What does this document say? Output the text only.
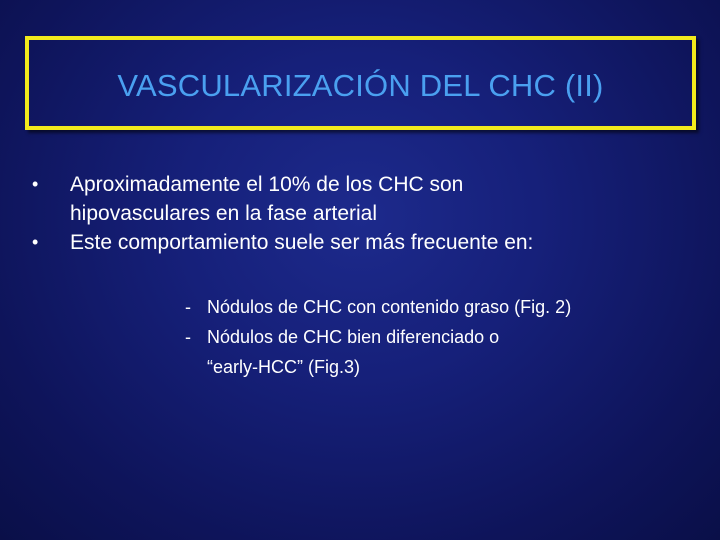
VASCULARIZACIÓN DEL CHC (II)
• Aproximadamente el 10% de los CHC son
hipovasculares en la fase arterial
• Este comportamiento suele ser más frecuente en:
- Nódulos de CHC con contenido graso (Fig. 2)
- Nódulos de CHC bien diferenciado o
“early-HCC” (Fig.3)
